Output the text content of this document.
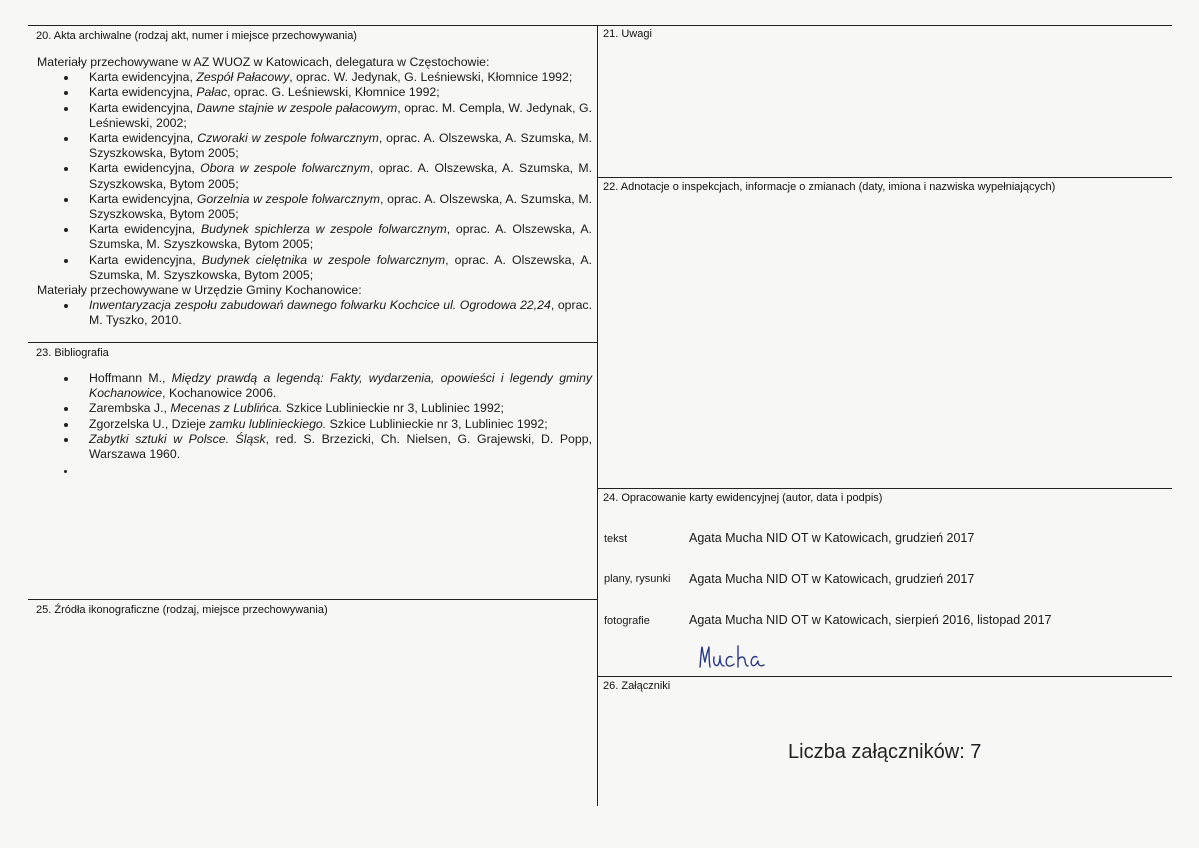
20. Akta archiwalne (rodzaj akt, numer i miejsce przechowywania)

Materiały przechowywane w AZ WUOZ w Katowicach, delegatura w Częstochowie:

Karta ewidencyjna, Zespół Pałacowy, oprac. W. Jedynak, G. Leśniewski, Kłomnice 1992;
Karta ewidencyjna, Pałac, oprac. G. Leśniewski, Kłomnice 1992;
Karta ewidencyjna, Dawne stajnie w zespole pałacowym, oprac. M. Cempla, W. Jedynak, G. Leśniewski, 2002;
Karta ewidencyjna, Czworaki w zespole folwarcznym, oprac. A. Olszewska, A. Szumska, M. Szyszkowska, Bytom 2005;
Karta ewidencyjna, Obora w zespole folwarcznym, oprac. A. Olszewska, A. Szumska, M. Szyszkowska, Bytom 2005;
Karta ewidencyjna, Gorzelnia w zespole folwarcznym, oprac. A. Olszewska, A. Szumska, M. Szyszkowska, Bytom 2005;
Karta ewidencyjna, Budynek spichlerza w zespole folwarcznym, oprac. A. Olszewska, A. Szumska, M. Szyszkowska, Bytom 2005;
Karta ewidencyjna, Budynek cielętnika w zespole folwarcznym, oprac. A. Olszewska, A. Szumska, M. Szyszkowska, Bytom 2005;

Materiały przechowywane w Urzędzie Gminy Kochanowice:

Inwentaryzacja zespołu zabudowań dawnego folwarku Kochcice ul. Ogrodowa 22,24, oprac. M. Tyszko, 2010.
23. Bibliografia
Hoffmann M., Między prawdą a legendą: Fakty, wydarzenia, opowieści i legendy gminy Kochanowice, Kochanowice 2006.
Zarembska J., Mecenas z Lublińca. Szkice Lublinieckie nr 3, Lubliniec 1992;
Zgorzelska U., Dzieje zamku lublinieckiego. Szkice Lublinieckie nr 3, Lubliniec 1992;
Zabytki sztuki w Polsce. Śląsk, red. S. Brzezicki, Ch. Nielsen, G. Grajewski, D. Popp, Warszawa 1960.
25. Źródła ikonograficzne (rodzaj, miejsce przechowywania)
21. Uwagi
22. Adnotacje o inspekcjach, informacje o zmianach (daty, imiona i nazwiska wypełniających)
24. Opracowanie karty ewidencyjnej (autor, data i podpis)
tekst	Agata Mucha NID OT w Katowicach, grudzień 2017
plany, rysunki Agata Mucha NID OT w Katowicach, grudzień 2017
fotografie	Agata Mucha NID OT w Katowicach, sierpień 2016, listopad 2017
26. Załączniki
Liczba załączników: 7
